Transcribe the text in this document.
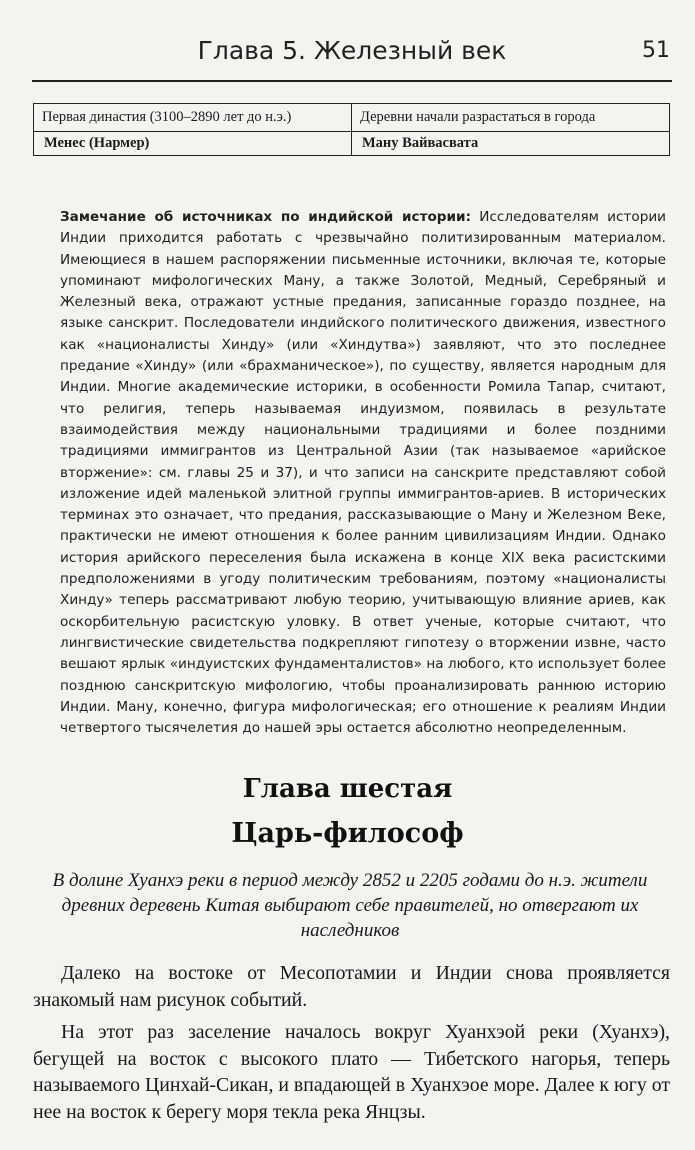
Глава 5. Железный век	51
Первая династия (3100–2890 лет до н.э.)	Деревни начали разрастаться в города
Менес (Нармер)	Ману Вайвасвата
Замечание об источниках по индийской истории: Исследователям истории Индии приходится работать с чрезвычайно политизированным материалом. Имеющиеся в нашем распоряжении письменные источники, включая те, которые упоминают мифологических Ману, а также Золотой, Медный, Серебряный и Железный века, отражают устные предания, записанные гораздо позднее, на языке санскрит. Последователи индийского политического движения, известного как «националисты Хинду» (или «Хиндутва») заявляют, что это последнее предание «Хинду» (или «брахманическое»), по существу, является народным для Индии. Многие академические историки, в особенности Ромила Тапар, считают, что религия, теперь называемая индуизмом, появилась в результате взаимодействия между национальными традициями и более поздними традициями иммигрантов из Центральной Азии (так называемое «арийское вторжение»: см. главы 25 и 37), и что записи на санскрите представляют собой изложение идей маленькой элитной группы иммигрантов-ариев. В исторических терминах это означает, что предания, рассказывающие о Ману и Железном Веке, практически не имеют отношения к более ранним цивилизациям Индии. Однако история арийского переселения была искажена в конце XIX века расистскими предположениями в угоду политическим требованиям, поэтому «националисты Хинду» теперь рассматривают любую теорию, учитывающую влияние ариев, как оскорбительную расистскую уловку. В ответ ученые, которые считают, что лингвистические свидетельства подкрепляют гипотезу о вторжении извне, часто вешают ярлык «индуистских фундаменталистов» на любого, кто использует более позднюю санскритскую мифологию, чтобы проанализировать раннюю историю Индии. Ману, конечно, фигура мифологическая; его отношение к реалиям Индии четвертого тысячелетия до нашей эры остается абсолютно неопределенным.
Глава шестая
Царь-философ
В долине Хуанхэ реки в период между 2852 и 2205 годами до н.э. жители древних деревень Китая выбирают себе правителей, но отвергают их наследников

Далеко на востоке от Месопотамии и Индии снова проявляется знакомый нам рисунок событий.

На этот раз заселение началось вокруг Хуанхэой реки (Хуанхэ), бегущей на восток с высокого плато — Тибетского нагорья, теперь называемого Цинхай-Сикан, и впадающей в Хуанхэое море. Далее к югу от нее на восток к берегу моря текла река Янцзы.
